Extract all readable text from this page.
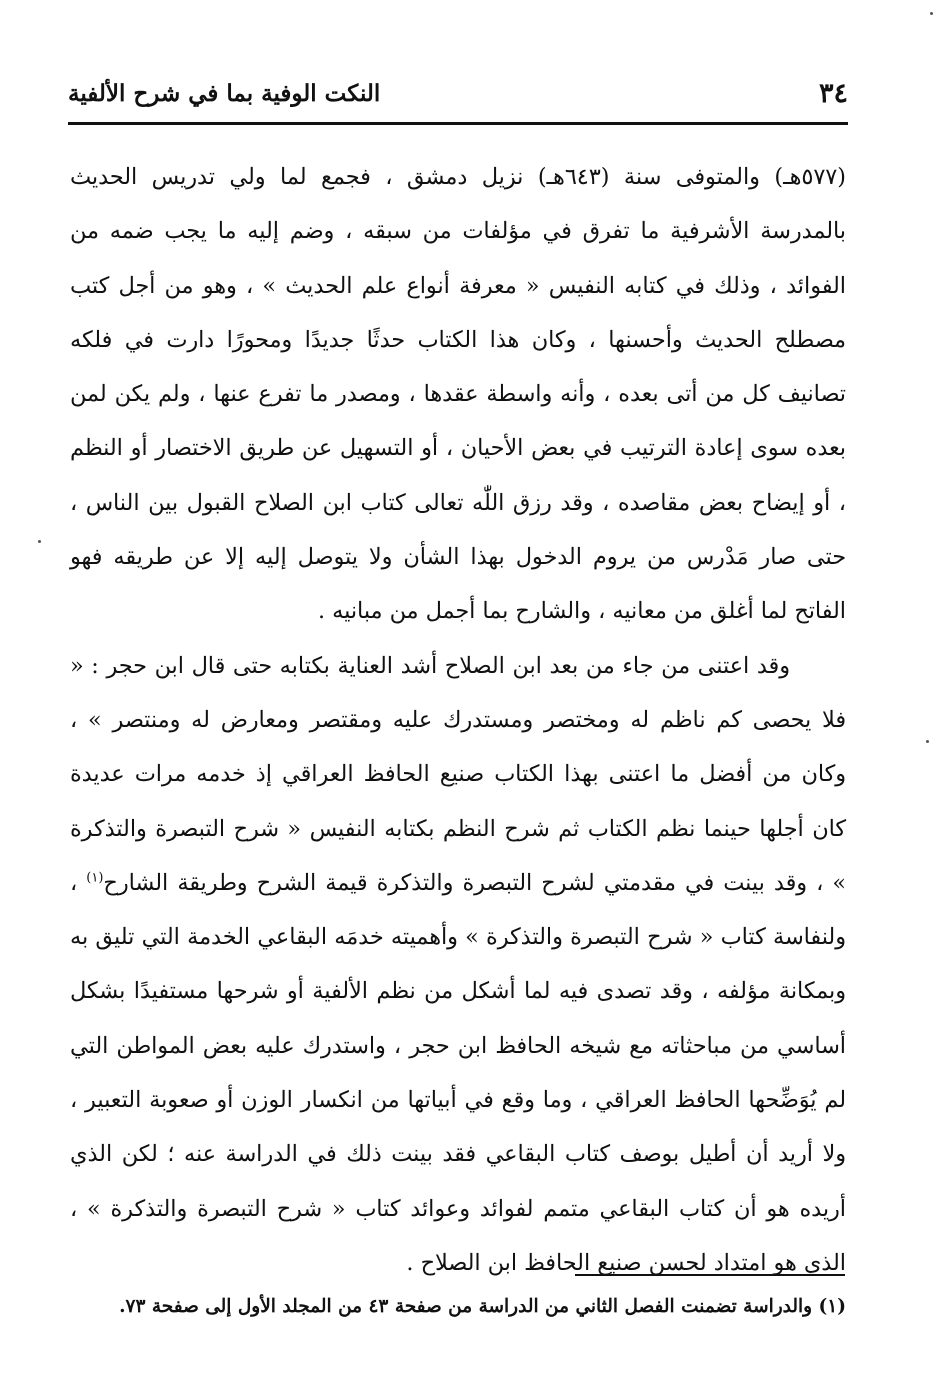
٣٤
النكت الوفية بما في شرح الألفية

(٥٧٧هـ) والمتوفى سنة (٦٤٣هـ) نزيل دمشق ، فجمع لما ولي تدريس الحديث بالمدرسة الأشرفية ما تفرق في مؤلفات من سبقه ، وضم إليه ما يجب ضمه من الفوائد ، وذلك في كتابه النفيس « معرفة أنواع علم الحديث » ، وهو من أجل كتب مصطلح الحديث وأحسنها ، وكان هذا الكتاب حدثًا جديدًا ومحورًا دارت في فلكه تصانيف كل من أتى بعده ، وأنه واسطة عقدها ، ومصدر ما تفرع عنها ، ولم يكن لمن بعده سوى إعادة الترتيب في بعض الأحيان ، أو التسهيل عن طريق الاختصار أو النظم ، أو إيضاح بعض مقاصده ، وقد رزق اللّٰه تعالى كتاب ابن الصلاح القبول بين الناس ، حتى صار مَدْرس من يروم الدخول بهذا الشأن ولا يتوصل إليه إلا عن طريقه فهو الفاتح لما أغلق من معانيه ، والشارح بما أجمل من مبانيه .

وقد اعتنى من جاء من بعد ابن الصلاح أشد العناية بكتابه حتى قال ابن حجر : « فلا يحصى كم ناظم له ومختصر ومستدرك عليه ومقتصر ومعارض له ومنتصر » ، وكان من أفضل ما اعتنى بهذا الكتاب صنيع الحافظ العراقي إذ خدمه مرات عديدة كان أجلها حينما نظم الكتاب ثم شرح النظم بكتابه النفيس « شرح التبصرة والتذكرة » ، وقد بينت في مقدمتي لشرح التبصرة والتذكرة قيمة الشرح وطريقة الشارح$^{(١)}$ ، ولنفاسة كتاب « شرح التبصرة والتذكرة » وأهميته خدمَه البقاعي الخدمة التي تليق به وبمكانة مؤلفه ، وقد تصدى فيه لما أشكل من نظم الألفية أو شرحها مستفيدًا بشكل أساسي من مباحثاته مع شيخه الحافظ ابن حجر ، واستدرك عليه بعض المواطن التي لم يُوَضِّحها الحافظ العراقي ، وما وقع في أبياتها من انكسار الوزن أو صعوبة التعبير ، ولا أريد أن أطيل بوصف كتاب البقاعي فقد بينت ذلك في الدراسة عنه ؛ لكن الذي أريده هو أن كتاب البقاعي متمم لفوائد وعوائد كتاب « شرح التبصرة والتذكرة » ، الذي هو امتداد لحسن صنيع الحافظ ابن الصلاح .

(١) والدراسة تضمنت الفصل الثاني من الدراسة من صفحة ٤٣ من المجلد الأول إلى صفحة ٧٣.
